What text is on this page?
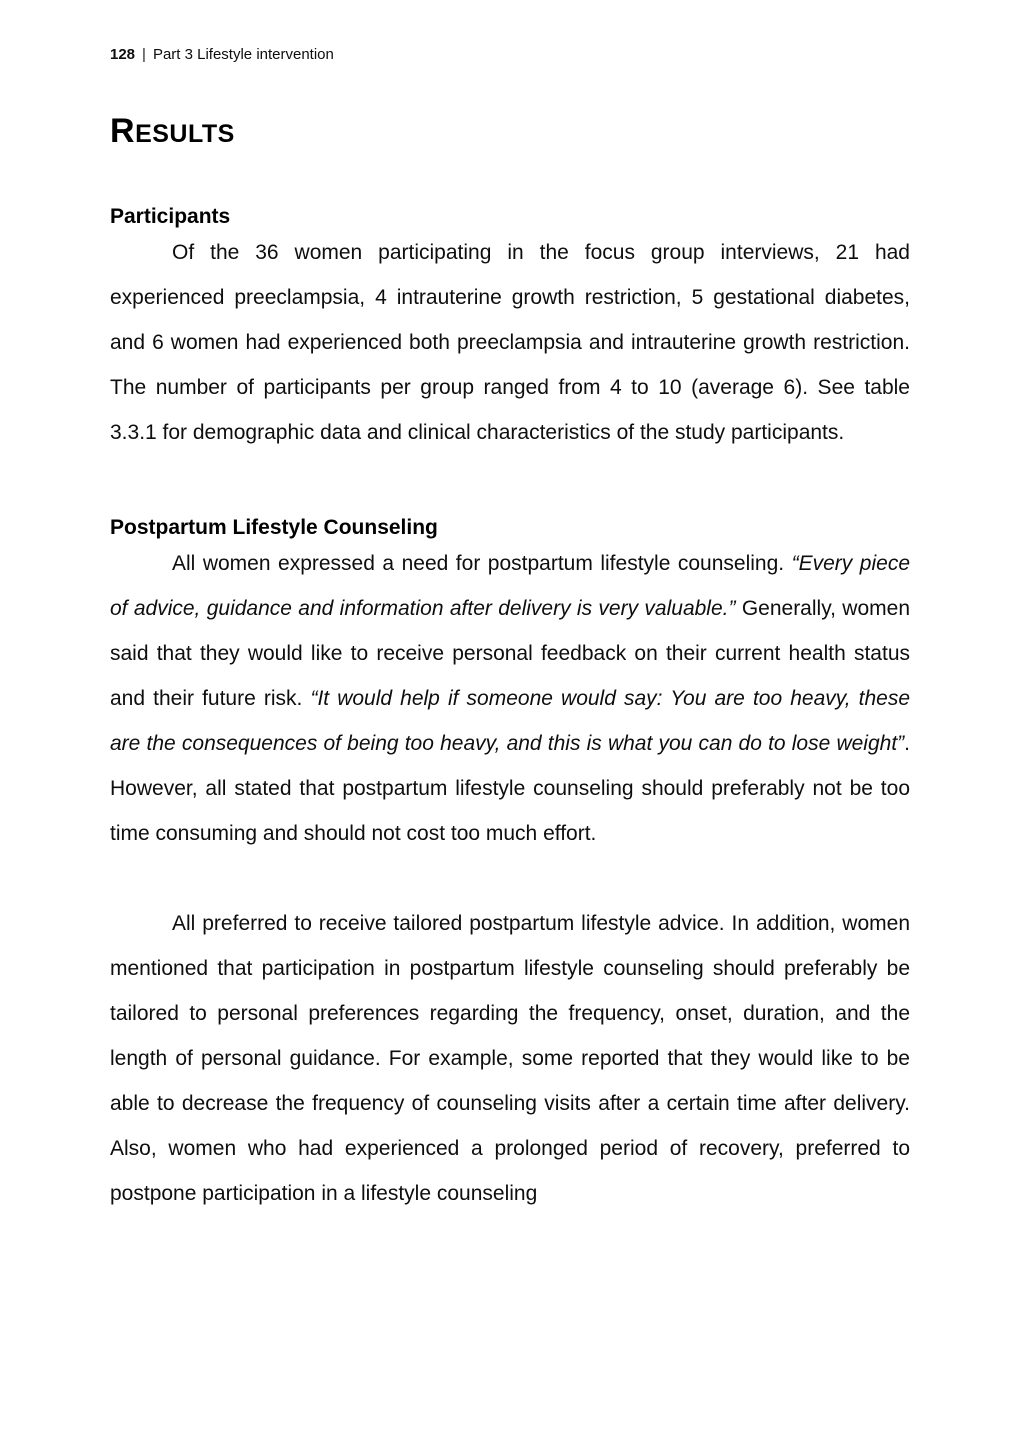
128 | Part 3 Lifestyle intervention
RESULTS
Participants

Of the 36 women participating in the focus group interviews, 21 had experienced preeclampsia, 4 intrauterine growth restriction, 5 gestational diabetes, and 6 women had experienced both preeclampsia and intrauterine growth restriction. The number of participants per group ranged from 4 to 10 (average 6). See table 3.3.1 for demographic data and clinical characteristics of the study participants.

Postpartum Lifestyle Counseling

All women expressed a need for postpartum lifestyle counseling. “Every piece of advice, guidance and information after delivery is very valuable.” Generally, women said that they would like to receive personal feedback on their current health status and their future risk. “It would help if someone would say: You are too heavy, these are the consequences of being too heavy, and this is what you can do to lose weight”. However, all stated that postpartum lifestyle counseling should preferably not be too time consuming and should not cost too much effort.

All preferred to receive tailored postpartum lifestyle advice. In addition, women mentioned that participation in postpartum lifestyle counseling should preferably be tailored to personal preferences regarding the frequency, onset, duration, and the length of personal guidance. For example, some reported that they would like to be able to decrease the frequency of counseling visits after a certain time after delivery. Also, women who had experienced a prolonged period of recovery, preferred to postpone participation in a lifestyle counseling
